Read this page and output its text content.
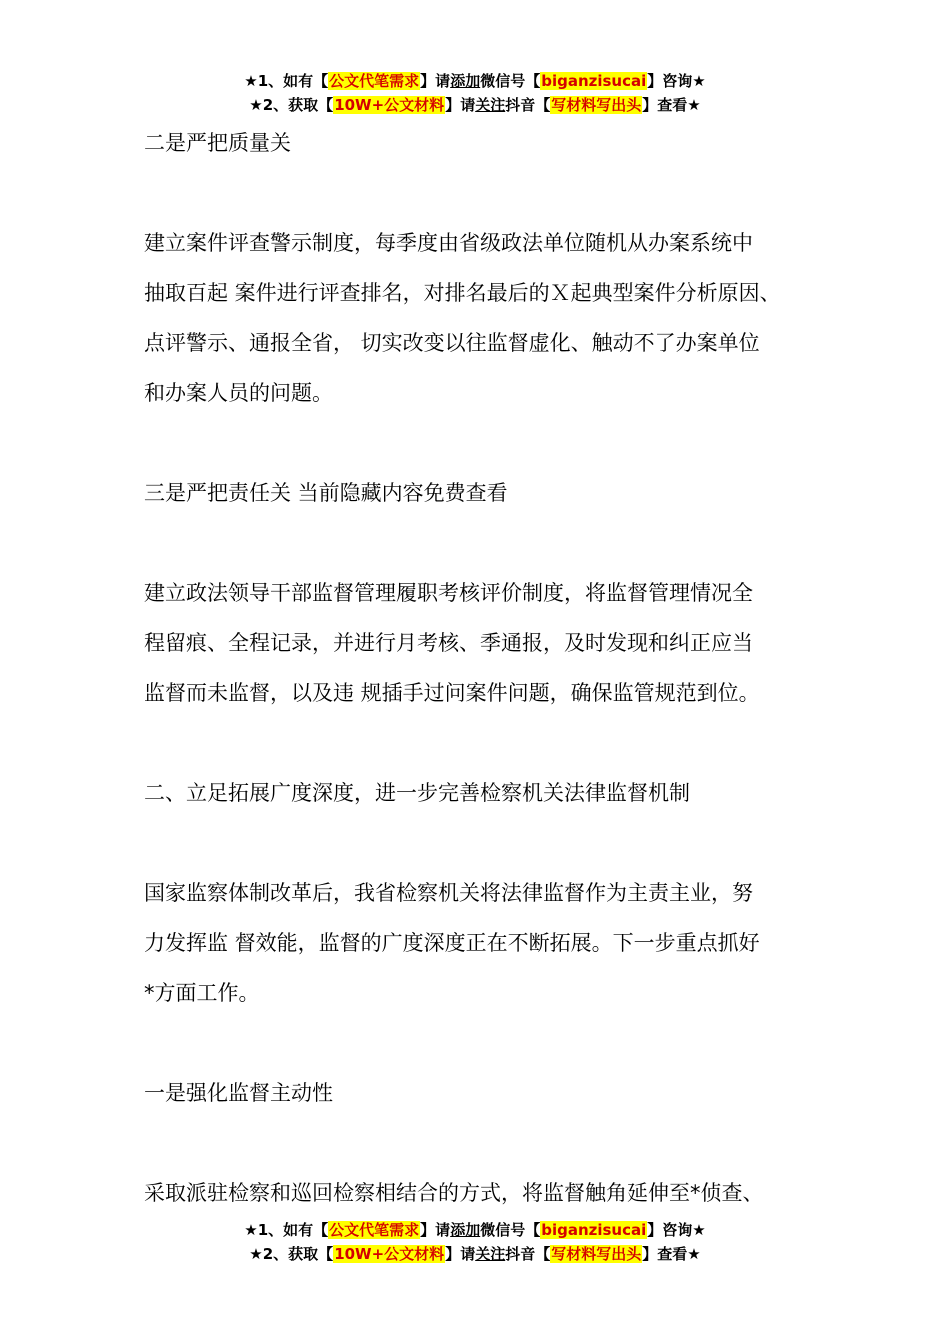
★1、如有【公文代笔需求】请添加微信号【biganzisucai】咨询★
★2、获取【10W+公文材料】请关注抖音【写材料写出头】查看★

二是严把质量关

建立案件评查警示制度，每季度由省级政法单位随机从办案系统中

抽取百起 案件进行评查排名，对排名最后的Ｘ起典型案件分析原因、

点评警示、通报全省， 切实改变以往监督虚化、触动不了办案单位

和办案人员的问题。

三是严把责任关 当前隐藏内容免费查看

建立政法领导干部监督管理履职考核评价制度，将监督管理情况全

程留痕、全程记录，并进行月考核、季通报，及时发现和纠正应当

监督而未监督，以及违 规插手过问案件问题，确保监管规范到位。

二、立足拓展广度深度，进一步完善检察机关法律监督机制

国家监察体制改革后，我省检察机关将法律监督作为主责主业，努

力发挥监 督效能，监督的广度深度正在不断拓展。下一步重点抓好

*方面工作。

一是强化监督主动性

采取派驻检察和巡回检察相结合的方式，将监督触角延伸至*侦查、

★1、如有【公文代笔需求】请添加微信号【biganzisucai】咨询★
★2、获取【10W+公文材料】请关注抖音【写材料写出头】查看★
